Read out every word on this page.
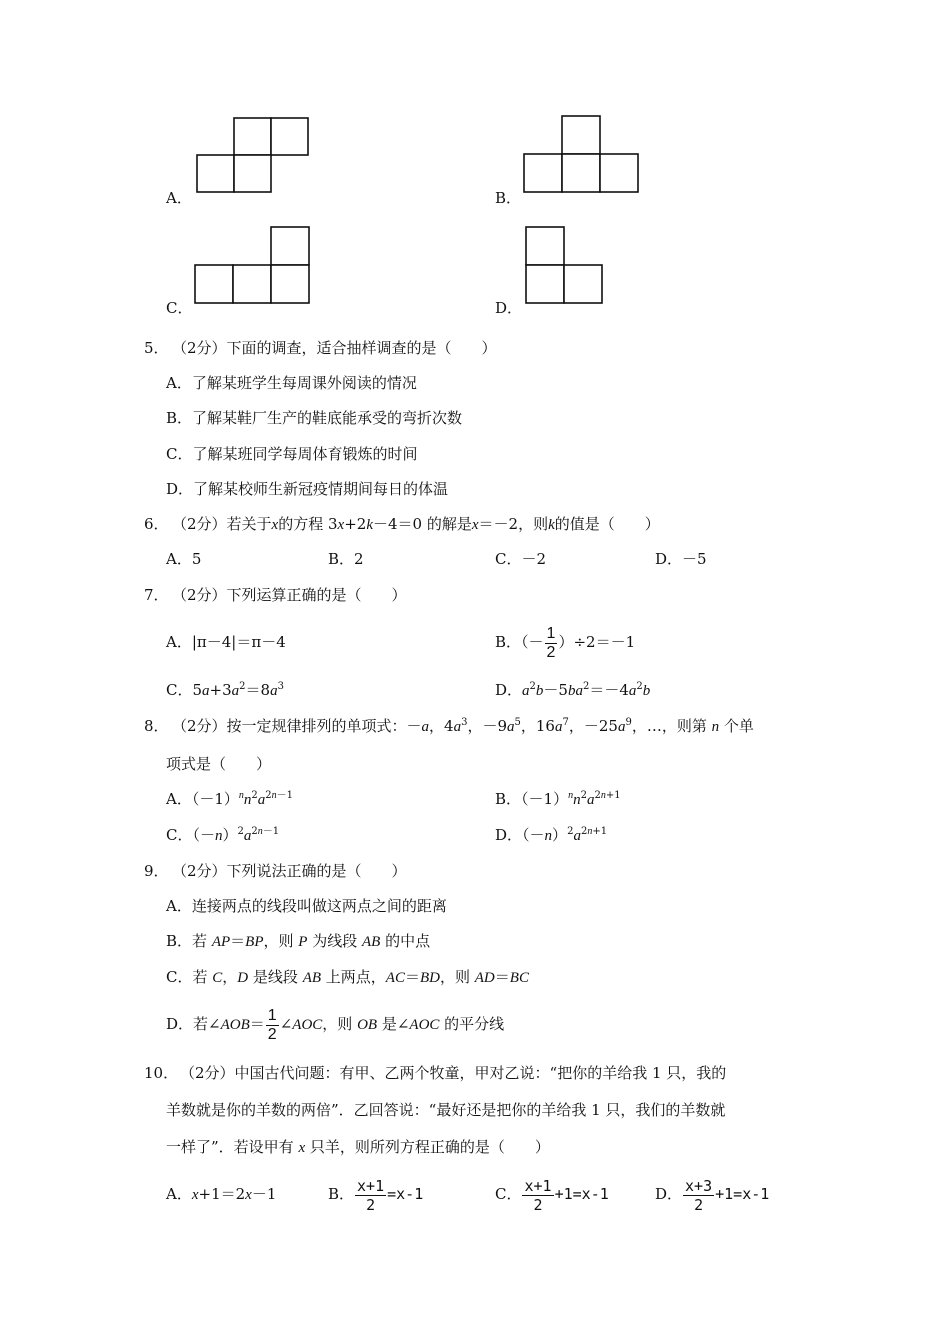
A．	B．
C．	D．
5． （2分）下面的调查，适合抽样调查的是（　　）
A．了解某班学生每周课外阅读的情况
B．了解某鞋厂生产的鞋底能承受的弯折次数
C．了解某班同学每周体育锻炼的时间
D．了解某校师生新冠疫情期间每日的体温
6． （2分）若关于x的方程 3x+2k－4＝0 的解是x＝－2，则k的值是（　　）
A．5	B．2	C．－2	D．－5
7． （2分）下列运算正确的是（　　）
A．|π－4|＝π－4	B．（－ $\frac{1}{2} )\div 2=-1$
C．$5a+3a^2=8a^3$	D．$a^2b-5ba^2=-4a^2b$
8． （2分）按一定规律排列的单项式：－a，$4a^3$，$-9a^5$，$16a^7$，$-25a^9$，…，则第 n 个单
项式是（　　）
A．$(-1)^nn^2a^{2n-1}$	B．$(-1)^nn^2a^{2n+1}$
C．$(-n)^2a^{2n-1}$	D．$(-n)^2a^{2n+1}$
9． （2分）下列说法正确的是（　　）
A．连接两点的线段叫做这两点之间的距离
B．若 AP＝BP，则 P 为线段 AB 的中点
C．若 C，D 是线段 AB 上两点，AC＝BD，则 AD＝BC
D．若∠AOB＝ $\frac{1}{2}$ ∠AOC，则 OB 是∠AOC 的平分线
10． （2分）中国古代问题：有甲、乙两个牧童，甲对乙说：“把你的羊给我 1 只，我的
羊数就是你的羊数的两倍”．乙回答说：“最好还是把你的羊给我 1 只，我们的羊数就
一样了”．若设甲有 x 只羊，则所列方程正确的是（　　）
A．x+1＝2x－1	B． $\frac{x+1}{2} =x-1$	C． $\frac{x+1}{2} +1=x-1$	D． $\frac{x+3}{2} +1=x-1$
